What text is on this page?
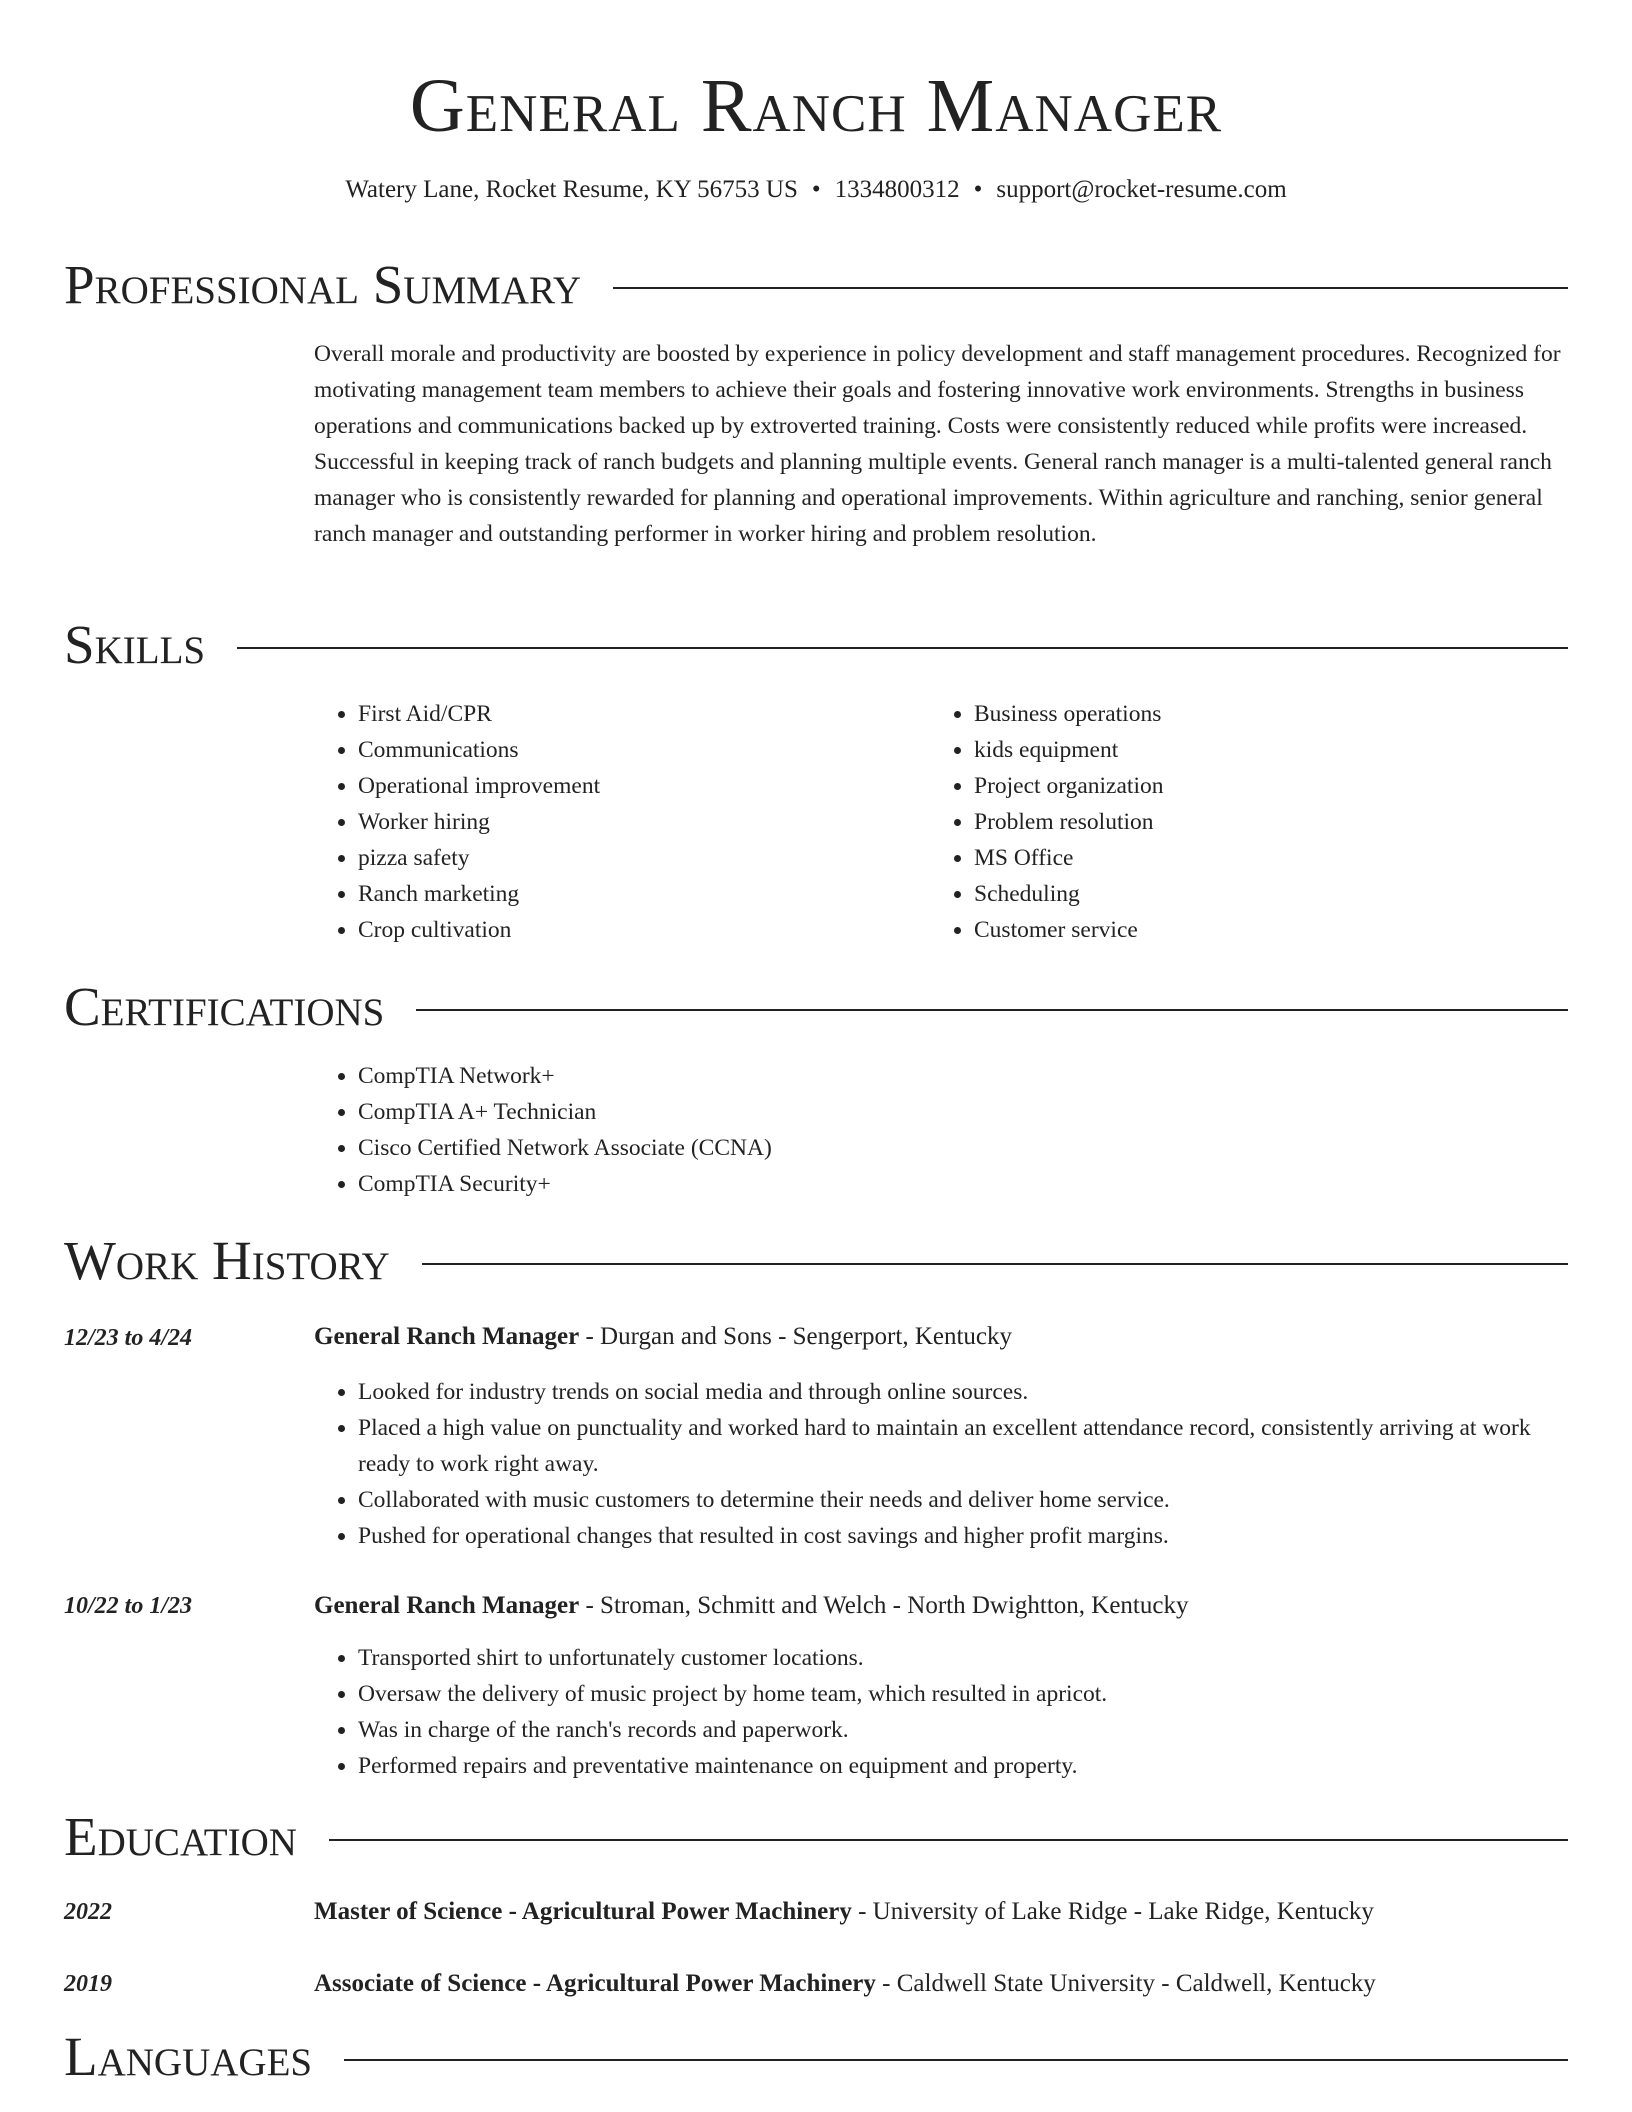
General Ranch Manager
Watery Lane, Rocket Resume, KY 56753 US • 1334800312 • support@rocket-resume.com
Professional Summary
Overall morale and productivity are boosted by experience in policy development and staff management procedures. Recognized for motivating management team members to achieve their goals and fostering innovative work environments. Strengths in business operations and communications backed up by extroverted training. Costs were consistently reduced while profits were increased. Successful in keeping track of ranch budgets and planning multiple events. General ranch manager is a multi-talented general ranch manager who is consistently rewarded for planning and operational improvements. Within agriculture and ranching, senior general ranch manager and outstanding performer in worker hiring and problem resolution.
Skills
• First Aid/CPR
• Communications
• Operational improvement
• Worker hiring
• pizza safety
• Ranch marketing
• Crop cultivation
• Business operations
• kids equipment
• Project organization
• Problem resolution
• MS Office
• Scheduling
• Customer service
Certifications
• CompTIA Network+
• CompTIA A+ Technician
• Cisco Certified Network Associate (CCNA)
• CompTIA Security+
Work History
12/23 to 4/24	General Ranch Manager - Durgan and Sons - Sengerport, Kentucky
• Looked for industry trends on social media and through online sources.
• Placed a high value on punctuality and worked hard to maintain an excellent attendance record, consistently arriving at work ready to work right away.
• Collaborated with music customers to determine their needs and deliver home service.
• Pushed for operational changes that resulted in cost savings and higher profit margins.
10/22 to 1/23	General Ranch Manager - Stroman, Schmitt and Welch - North Dwightton, Kentucky
• Transported shirt to unfortunately customer locations.
• Oversaw the delivery of music project by home team, which resulted in apricot.
• Was in charge of the ranch's records and paperwork.
• Performed repairs and preventative maintenance on equipment and property.
Education
2022	Master of Science - Agricultural Power Machinery - University of Lake Ridge - Lake Ridge, Kentucky
2019	Associate of Science - Agricultural Power Machinery - Caldwell State University - Caldwell, Kentucky
Languages
